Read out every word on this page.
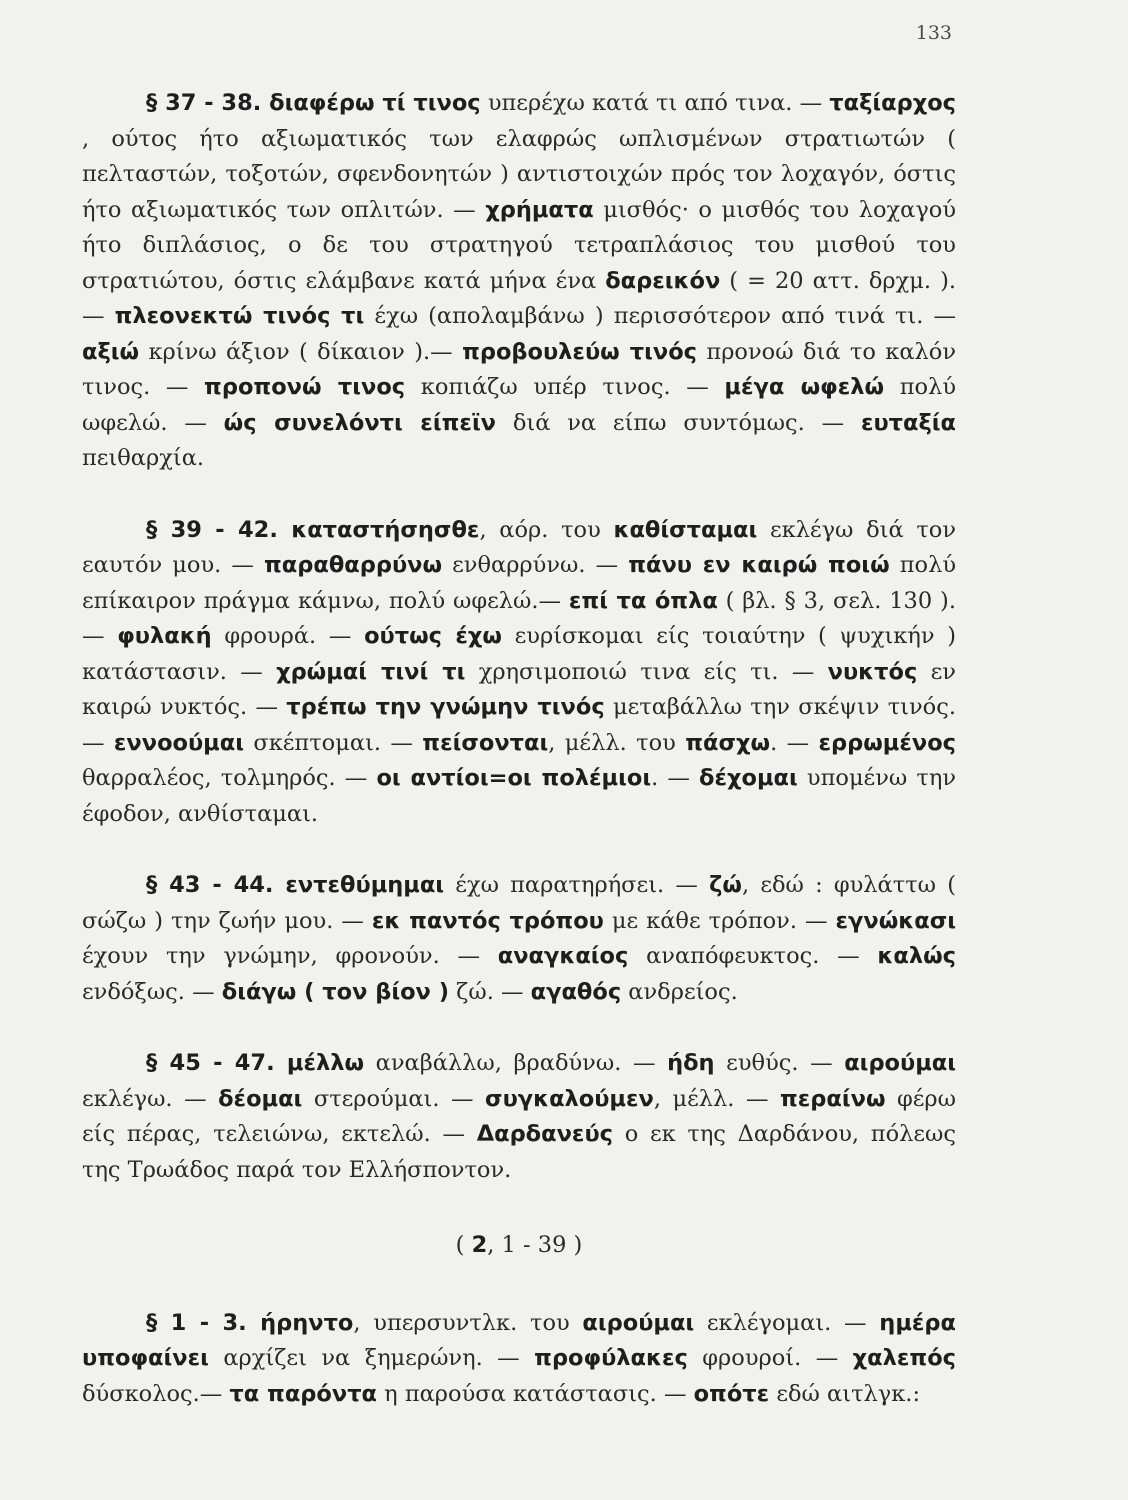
133

§ 37 - 38. διαφέρω τί τινος υπερέχω κατά τι από τινα. — ταξίαρχος , ούτος ήτο αξιωματικός των ελαφρώς ωπλισμένων στρατιωτών ( πελταστών, τοξοτών, σφενδονητών ) αντιστοιχών πρός τον λοχαγόν, όστις ήτο αξιωματικός των οπλιτών. — χρήματα μισθός· ο μισθός του λοχαγού ήτο διπλάσιος, ο δε του στρατηγού τετραπλάσιος του μισθού του στρατιώτου, όστις ελάμβανε κατά μήνα ένα δαρεικόν ( = 20 αττ. δρχμ. ). — πλεονεκτώ τινός τι έχω (απολαμβάνω ) περισσότερον από τινά τι. — αξιώ κρίνω άξιον ( δίκαιον ).— προβουλεύω τινός προνοώ διά το καλόν τινος. — προπονώ τινος κοπιάζω υπέρ τινος. — μέγα ωφελώ πολύ ωφελώ. — ώς συνελόντι είπεϊν διά να είπω συντόμως. — ευταξία πειθαρχία.

§ 39 - 42. καταστήσησθε, αόρ. του καθίσταμαι εκλέγω διά τον εαυτόν μου. — παραθαρρύνω ενθαρρύνω. — πάνυ εν καιρώ ποιώ πολύ επίκαιρον πράγμα κάμνω, πολύ ωφελώ.— επί τα όπλα ( βλ. § 3, σελ. 130 ). — φυλακή φρουρά. — ούτως έχω ευρίσκομαι είς τοιαύτην ( ψυχικήν ) κατάστασιν. — χρώμαί τινί τι χρησιμοποιώ τινα είς τι. — νυκτός εν καιρώ νυκτός. — τρέπω την γνώμην τινός μεταβάλλω την σκέψιν τινός. — εννοούμαι σκέπτομαι. — πείσονται, μέλλ. του πάσχω. — ερρωμένος θαρραλέος, τολμηρός. — οι αντίοι=οι πολέμιοι. — δέχομαι υπομένω την έφοδον, ανθίσταμαι.

§ 43 - 44. εντεθύμημαι έχω παρατηρήσει. — ζώ, εδώ : φυλάττω ( σώζω ) την ζωήν μου. — εκ παντός τρόπου με κάθε τρόπον. — εγνώκασι έχουν την γνώμην, φρονούν. — αναγκαίος αναπόφευκτος. — καλώς ενδόξως. — διάγω ( τον βίον ) ζώ. — αγαθός ανδρείος.

§ 45 - 47. μέλλω αναβάλλω, βραδύνω. — ήδη ευθύς. — αιρούμαι εκλέγω. — δέομαι στερούμαι. — συγκαλούμεν, μέλλ. — περαίνω φέρω είς πέρας, τελειώνω, εκτελώ. — Δαρδανεύς ο εκ της Δαρδάνου, πόλεως της Τρωάδος παρά τον Ελλήσποντον.

( 2, 1 - 39 )

§ 1 - 3. ήρηντο, υπερσυντλκ. του αιρούμαι εκλέγομαι. — ημέρα υποφαίνει αρχίζει να ξημερώνη. — προφύλακες φρουροί. — χαλεπός δύσκολος.— τα παρόντα η παρούσα κατάστασις. — οπότε εδώ αιτλγκ.:
